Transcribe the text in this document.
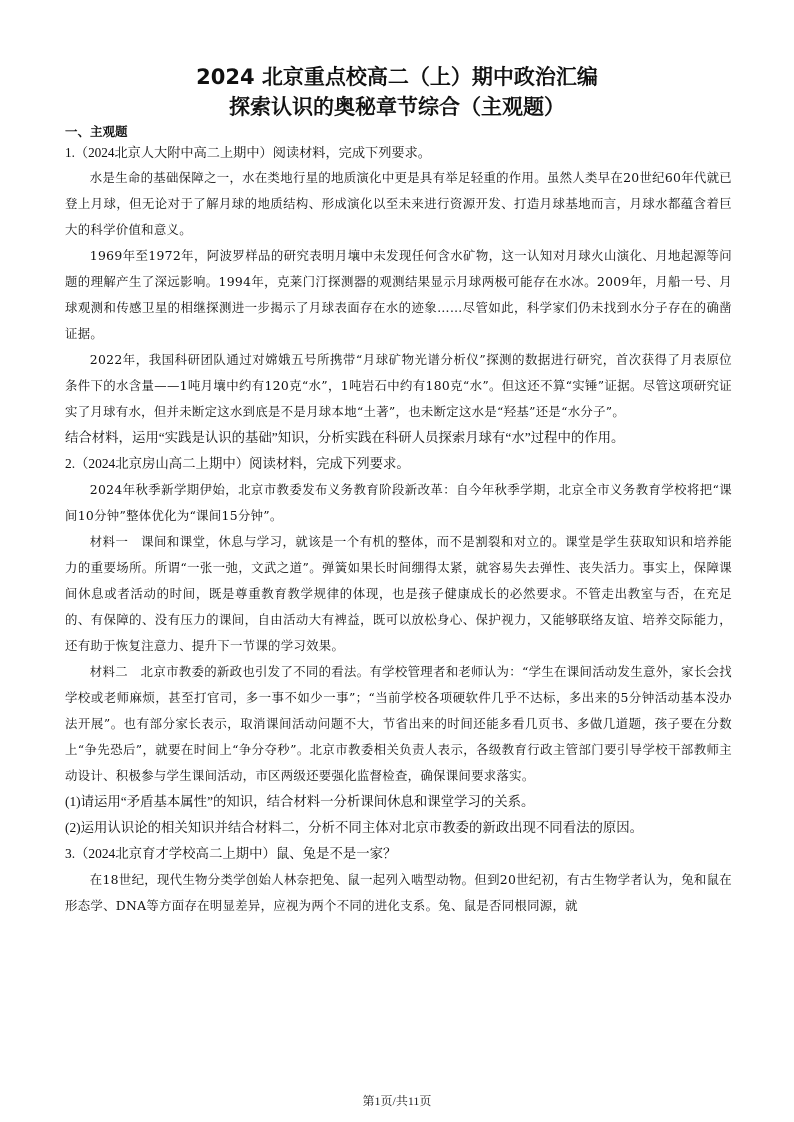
2024 北京重点校高二（上）期中政治汇编
探索认识的奥秘章节综合（主观题）

一、主观题

1.（2024北京人大附中高二上期中）阅读材料，完成下列要求。

水是生命的基础保障之一，水在类地行星的地质演化中更是具有举足轻重的作用。虽然人类早在20世纪60年代就已登上月球，但无论对于了解月球的地质结构、形成演化以至未来进行资源开发、打造月球基地而言，月球水都蕴含着巨大的科学价值和意义。

1969年至1972年，阿波罗样品的研究表明月壤中未发现任何含水矿物，这一认知对月球火山演化、月地起源等问题的理解产生了深远影响。1994年，克莱门汀探测器的观测结果显示月球两极可能存在水冰。2009年，月船一号、月球观测和传感卫星的相继探测进一步揭示了月球表面存在水的迹象……尽管如此，科学家们仍未找到水分子存在的确凿证据。

2022年，我国科研团队通过对嫦娥五号所携带“月球矿物光谱分析仪”探测的数据进行研究，首次获得了月表原位条件下的水含量——1吨月壤中约有120克“水”，1吨岩石中约有180克“水”。但这还不算“实锤”证据。尽管这项研究证实了月球有水，但并未断定这水到底是不是月球本地“土著”，也未断定这水是“羟基”还是“水分子”。

结合材料，运用“实践是认识的基础”知识，分析实践在科研人员探索月球有“水”过程中的作用。

2.（2024北京房山高二上期中）阅读材料，完成下列要求。

2024年秋季新学期伊始，北京市教委发布义务教育阶段新改革：自今年秋季学期，北京全市义务教育学校将把“课间10分钟”整体优化为“课间15分钟”。

材料一　课间和课堂，休息与学习，就该是一个有机的整体，而不是割裂和对立的。课堂是学生获取知识和培养能力的重要场所。所谓“一张一弛，文武之道”。弹簧如果长时间绷得太紧，就容易失去弹性、丧失活力。事实上，保障课间休息或者活动的时间，既是尊重教育教学规律的体现，也是孩子健康成长的必然要求。不管走出教室与否，在充足的、有保障的、没有压力的课间，自由活动大有裨益，既可以放松身心、保护视力，又能够联络友谊、培养交际能力，还有助于恢复注意力、提升下一节课的学习效果。

材料二　北京市教委的新政也引发了不同的看法。有学校管理者和老师认为：“学生在课间活动发生意外，家长会找学校或老师麻烦，甚至打官司，多一事不如少一事”；“当前学校各项硬软件几乎不达标，多出来的5分钟活动基本没办法开展”。也有部分家长表示，取消课间活动问题不大，节省出来的时间还能多看几页书、多做几道题，孩子要在分数上“争先恐后”，就要在时间上“争分夺秒”。北京市教委相关负责人表示，各级教育行政主管部门要引导学校干部教师主动设计、积极参与学生课间活动，市区两级还要强化监督检查，确保课间要求落实。

(1)请运用“矛盾基本属性”的知识，结合材料一分析课间休息和课堂学习的关系。

(2)运用认识论的相关知识并结合材料二，分析不同主体对北京市教委的新政出现不同看法的原因。

3.（2024北京育才学校高二上期中）鼠、兔是不是一家？

在18世纪，现代生物分类学创始人林奈把兔、鼠一起列入啮型动物。但到20世纪初，有古生物学者认为，兔和鼠在形态学、DNA等方面存在明显差异，应视为两个不同的进化支系。兔、鼠是否同根同源，就

第1页/共11页
